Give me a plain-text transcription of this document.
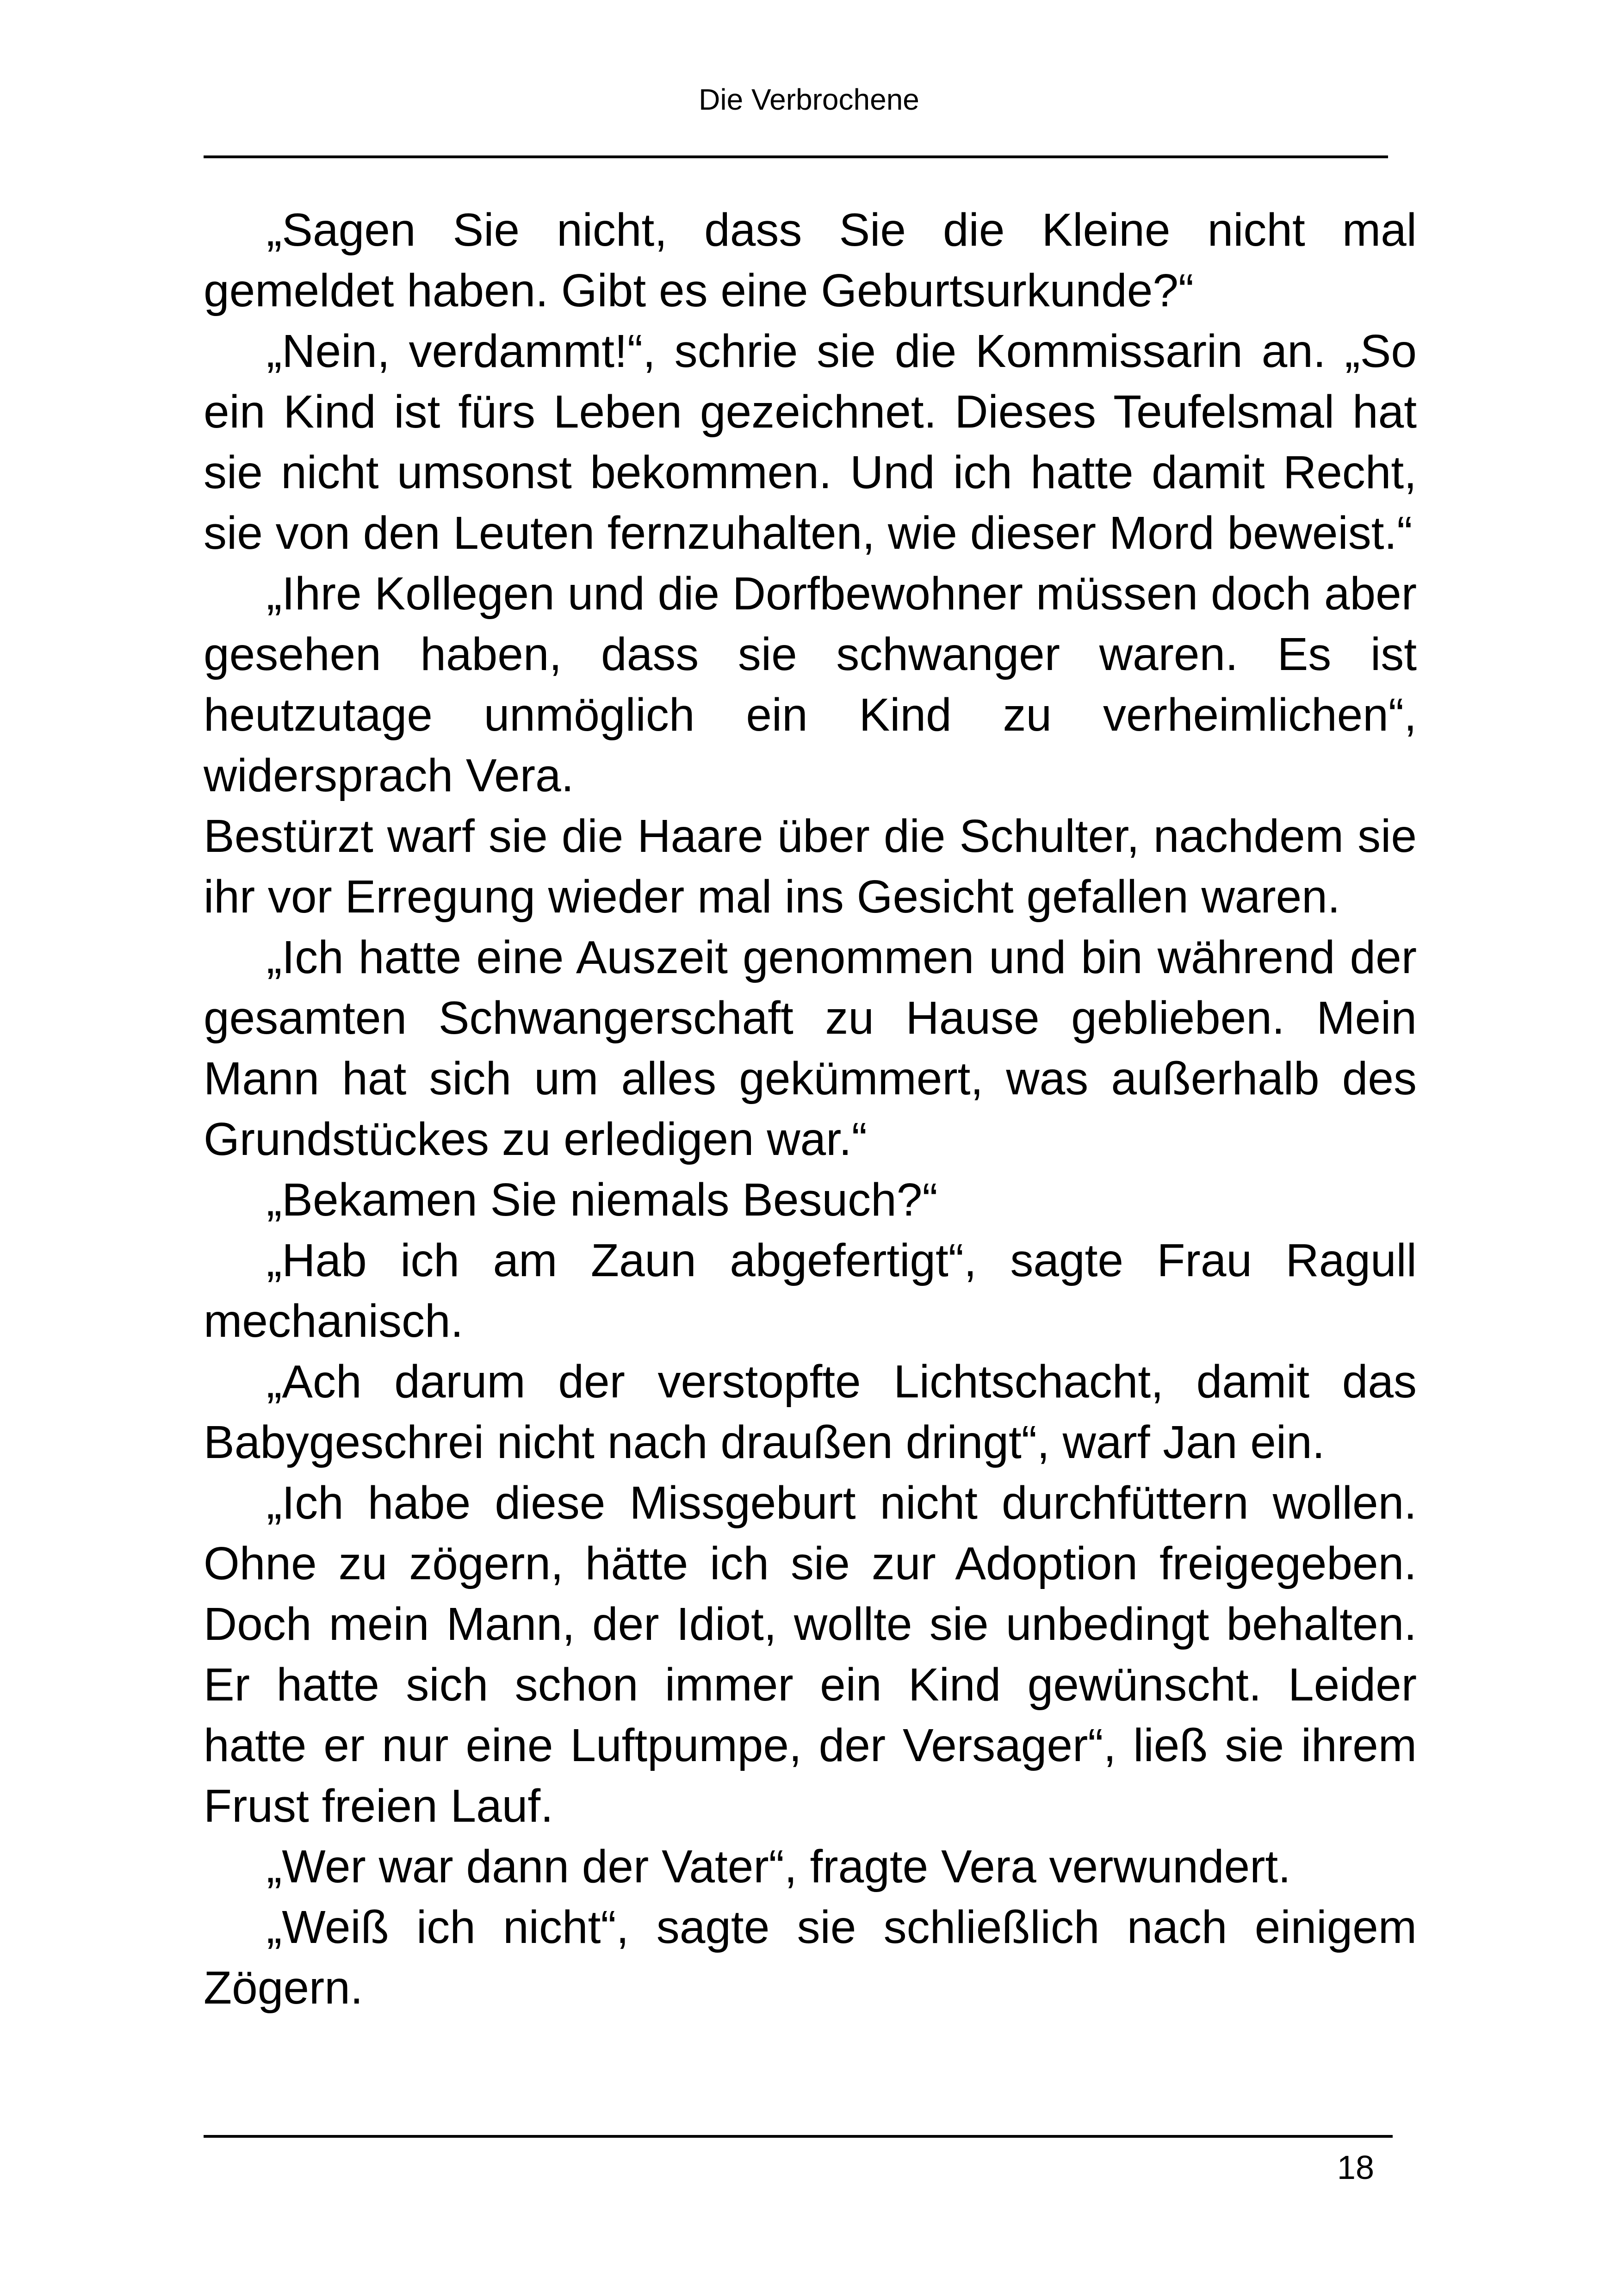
Die Verbrochene

„Sagen Sie nicht, dass Sie die Kleine nicht mal gemeldet haben. Gibt es eine Geburtsurkunde?“

„Nein, verdammt!“, schrie sie die Kommissarin an. „So ein Kind ist fürs Leben gezeichnet. Dieses Teufelsmal hat sie nicht umsonst bekommen. Und ich hatte damit Recht, sie von den Leuten fernzuhalten, wie dieser Mord beweist.“

„Ihre Kollegen und die Dorfbewohner müssen doch aber gesehen haben, dass sie schwanger waren. Es ist heutzutage unmöglich ein Kind zu verheimlichen“, widersprach Vera.

Bestürzt warf sie die Haare über die Schulter, nachdem sie ihr vor Erregung wieder mal ins Gesicht gefallen waren.

„Ich hatte eine Auszeit genommen und bin während der gesamten Schwangerschaft zu Hause geblieben. Mein Mann hat sich um alles gekümmert, was außerhalb des Grundstückes zu erledigen war.“

„Bekamen Sie niemals Besuch?“

„Hab ich am Zaun abgefertigt“, sagte Frau Ragull mechanisch.

„Ach darum der verstopfte Lichtschacht, damit das Babygeschrei nicht nach draußen dringt“, warf Jan ein.

„Ich habe diese Missgeburt nicht durchfüttern wollen. Ohne zu zögern, hätte ich sie zur Adoption freigegeben. Doch mein Mann, der Idiot, wollte sie unbedingt behalten. Er hatte sich schon immer ein Kind gewünscht. Leider hatte er nur eine Luftpumpe, der Versager“, ließ sie ihrem Frust freien Lauf.

„Wer war dann der Vater“, fragte Vera verwundert.

„Weiß ich nicht“, sagte sie schließlich nach einigem Zögern.

18
